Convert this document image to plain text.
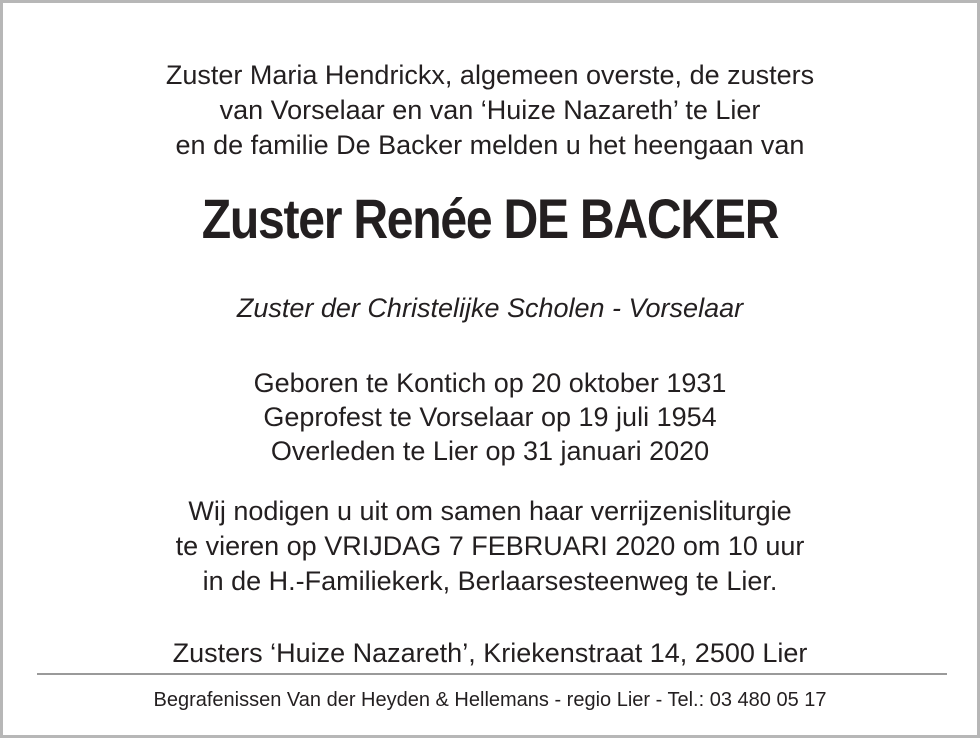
Zuster Maria Hendrickx, algemeen overste, de zusters
van Vorselaar en van ‘Huize Nazareth’ te Lier
en de familie De Backer melden u het heengaan van
Zuster Renée DE BACKER
Zuster der Christelijke Scholen - Vorselaar
Geboren te Kontich op 20 oktober 1931
Geprofest te Vorselaar op 19 juli 1954
Overleden te Lier op 31 januari 2020
Wij nodigen u uit om samen haar verrijzenisliturgie
te vieren op VRIJDAG 7 FEBRUARI 2020 om 10 uur
in de H.-Familiekerk, Berlaarsesteenweg te Lier.
Zusters ‘Huize Nazareth’, Kriekenstraat 14, 2500 Lier
Begrafenissen Van der Heyden & Hellemans - regio Lier - Tel.: 03 480 05 17
